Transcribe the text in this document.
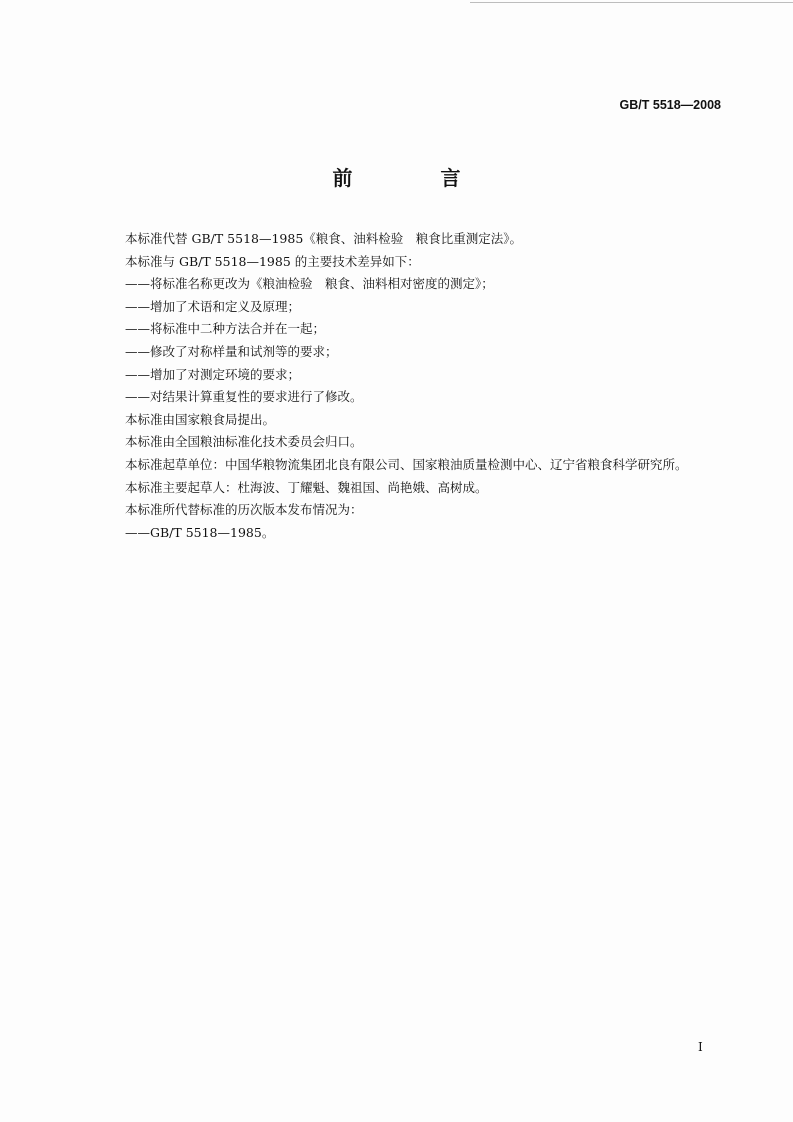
GB/T 5518—2008
前　言

本标准代替 GB/T 5518—1985《粮食、油料检验　粮食比重测定法》。

本标准与 GB/T 5518—1985 的主要技术差异如下：

——将标准名称更改为《粮油检验　粮食、油料相对密度的测定》；

——增加了术语和定义及原理；

——将标准中二种方法合并在一起；

——修改了对称样量和试剂等的要求；

——增加了对测定环境的要求；

——对结果计算重复性的要求进行了修改。

本标准由国家粮食局提出。

本标准由全国粮油标准化技术委员会归口。

本标准起草单位：中国华粮物流集团北良有限公司、国家粮油质量检测中心、辽宁省粮食科学研究所。

本标准主要起草人：杜海波、丁耀魁、魏祖国、尚艳娥、高树成。

本标准所代替标准的历次版本发布情况为：

——GB/T 5518—1985。

I
